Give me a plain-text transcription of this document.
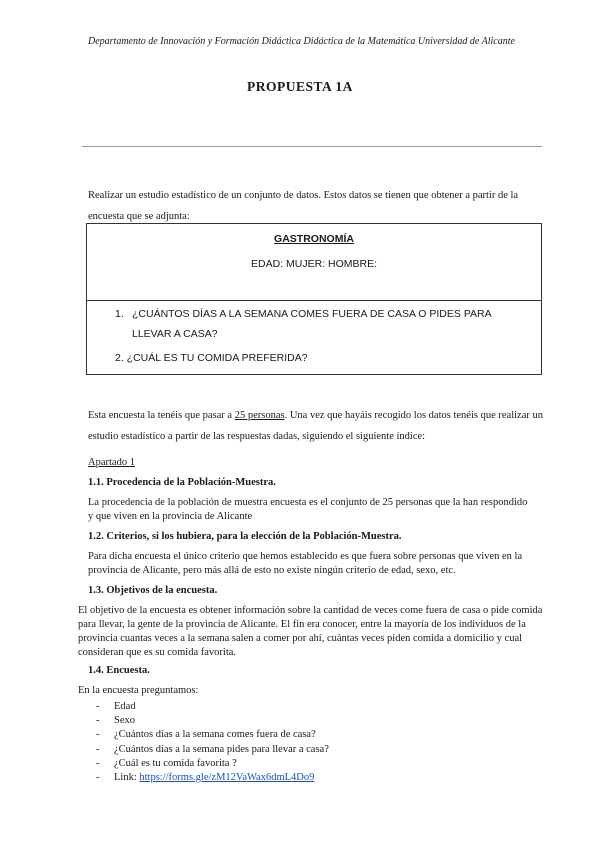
Departamento de Innovación y Formación Didáctica Didáctica de la Matemática Universidad de Alicante
PROPUESTA 1A
Realizar un estudio estadístico de un conjunto de datos. Estos datos se tienen que obtener a partir de la encuesta que se adjunta:
GASTRONOMÍA
EDAD: MUJER: HOMBRE:
1. ¿CUÁNTOS DÍAS A LA SEMANA COMES FUERA DE CASA O PIDES PARA LLEVAR A CASA?
2. ¿CUÁL ES TU COMIDA PREFERIDA?
Esta encuesta la tenéis que pasar a 25 personas. Una vez que hayáis recogido los datos tenéis que realizar un estudio estadístico a partir de las respuestas dadas, siguiendo el siguiente índice:
Apartado 1
1.1. Procedencia de la Población-Muestra.
La procedencia de la población de muestra encuesta es el conjunto de 25 personas que la han respondido y que viven en la provincia de Alicante
1.2. Criterios, si los hubiera, para la elección de la Población-Muestra.
Para dicha encuesta el único criterio que hemos establecido es que fuera sobre personas que viven en la provincia de Alicante, pero más allá de esto no existe ningún criterio de edad, sexo, etc.
1.3. Objetivos de la encuesta.
El objetivo de la encuesta es obtener información sobre la cantidad de veces come fuera de casa o pide comida para llevar, la gente de la provincia de Alicante. El fin era conocer, entre la mayoría de los individuos de la provincia cuantas veces a la semana salen a comer por ahí, cuántas veces piden comida a domicilio y cual consideran que es su comida favorita.
1.4. Encuesta.
En la encuesta preguntamos:
- Edad
- Sexo
- ¿Cuántos días a la semana comes fuera de casa?
- ¿Cuántos días a la semana pides para llevar a casa?
- ¿Cuál es tu comida favorita ?
- Link: https://forms.gle/zM12VaWax6dmL4Do9
